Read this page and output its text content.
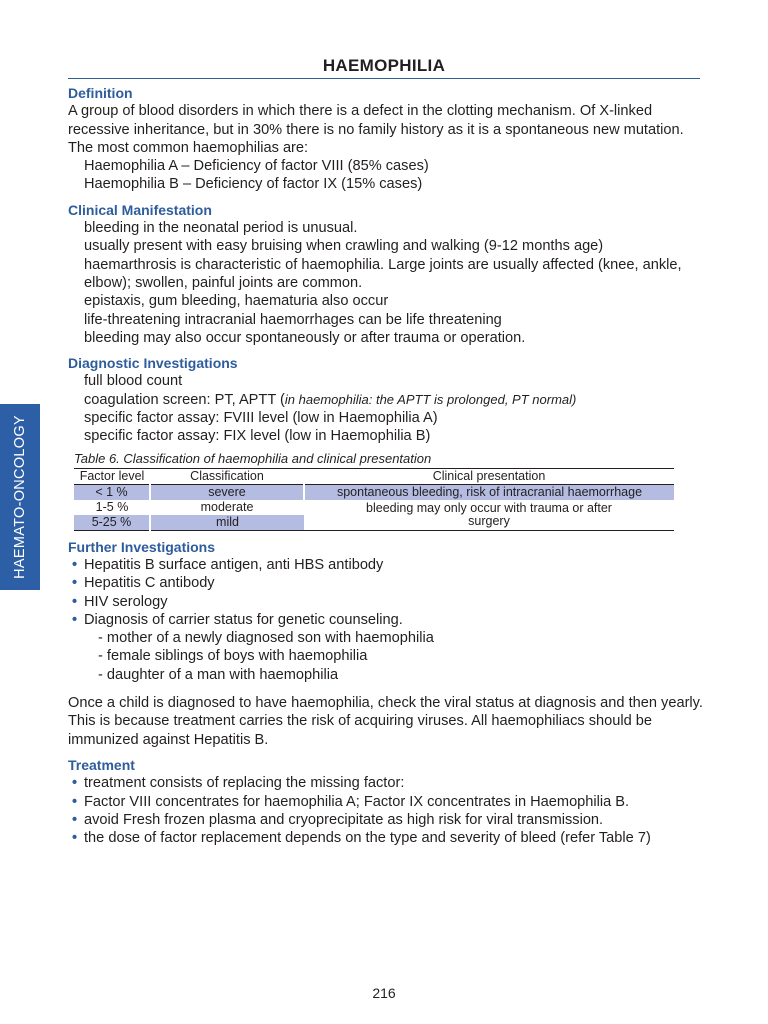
HAEMATO-ONCOLOGY
HAEMOPHILIA
Definition

A group of blood disorders in which there is a defect in the clotting mechanism. Of X-linked recessive inheritance, but in 30% there is no family history as it is a spontaneous new mutation. The most common haemophilias are:

Haemophilia A – Deficiency of factor VIII (85% cases)
Haemophilia B – Deficiency of factor IX (15% cases)
Clinical Manifestation
bleeding in the neonatal period is unusual.
usually present with easy bruising when crawling and walking (9-12 months age)
haemarthrosis is characteristic of haemophilia. Large joints are usually affected (knee, ankle, elbow); swollen, painful joints are common.
epistaxis, gum bleeding, haematuria also occur
life-threatening intracranial haemorrhages can be life threatening
bleeding may also occur spontaneously or after trauma or operation.
Diagnostic Investigations
full blood count
coagulation screen: PT, APTT (in haemophilia: the APTT is prolonged, PT normal)
specific factor assay: FVIII level (low in Haemophilia A)
specific factor assay: FIX level (low in Haemophilia B)
Table 6. Classification of haemophilia and clinical presentation
Factor level	Classification	Clinical presentation
< 1 %	severe	spontaneous bleeding, risk of intracranial haemorrhage
1-5 %	moderate	bleeding may only occur with trauma or after surgery
5-25 %	mild	
Further Investigations
• Hepatitis B surface antigen, anti HBS antibody
• Hepatitis C antibody
• HIV serology
• Diagnosis of carrier status for genetic counseling.
- mother of a newly diagnosed son with haemophilia
- female siblings of boys with haemophilia
- daughter of a man with haemophilia

Once a child is diagnosed to have haemophilia, check the viral status at diagnosis and then yearly. This is because treatment carries the risk of acquiring viruses. All haemophiliacs should be immunized against Hepatitis B.

Treatment
• treatment consists of replacing the missing factor:
• Factor VIII concentrates for haemophilia A; Factor IX concentrates in Haemophilia B.
• avoid Fresh frozen plasma and cryoprecipitate as high risk for viral transmission.
• the dose of factor replacement depends on the type and severity of bleed (refer Table 7)
216
